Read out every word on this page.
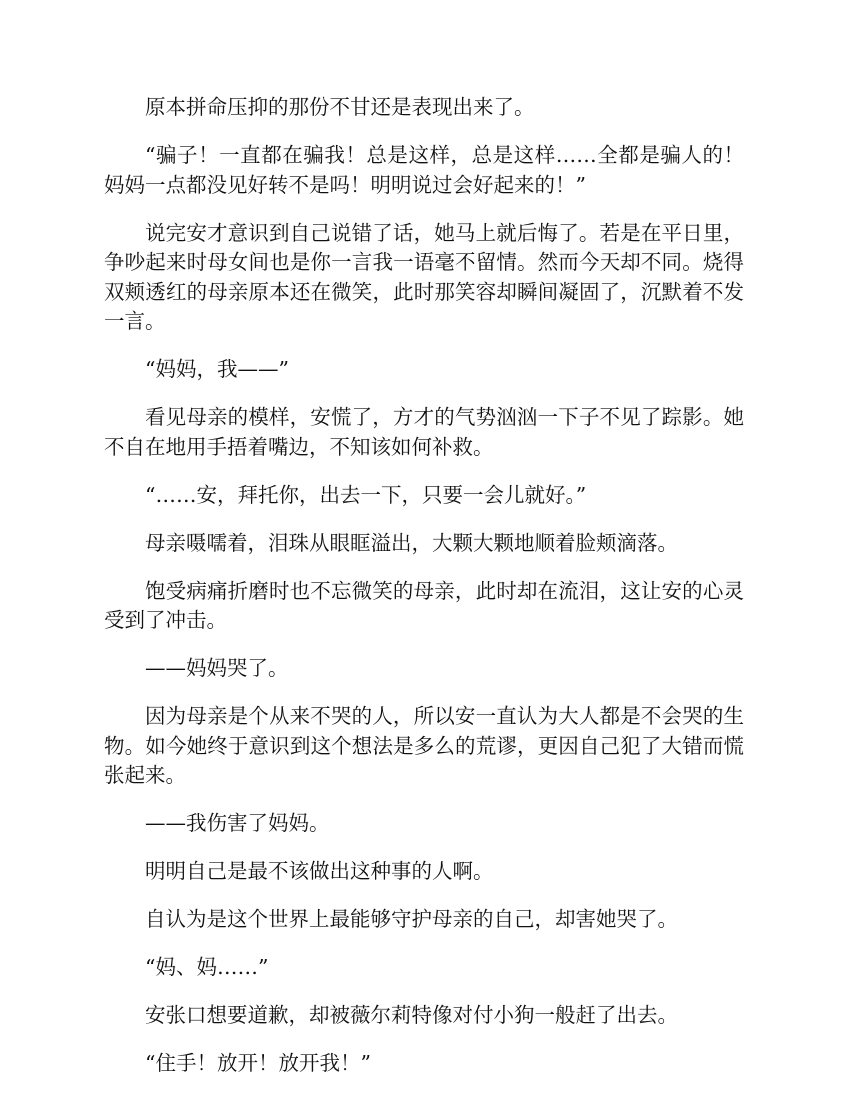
原本拼命压抑的那份不甘还是表现出来了。

“骗子！一直都在骗我！总是这样，总是这样……全都是骗人的！妈妈一点都没见好转不是吗！明明说过会好起来的！”

说完安才意识到自己说错了话，她马上就后悔了。若是在平日里，争吵起来时母女间也是你一言我一语毫不留情。然而今天却不同。烧得双颊透红的母亲原本还在微笑，此时那笑容却瞬间凝固了，沉默着不发一言。

“妈妈，我——”

看见母亲的模样，安慌了，方才的气势汹汹一下子不见了踪影。她不自在地用手捂着嘴边，不知该如何补救。

“……安，拜托你，出去一下，只要一会儿就好。”

母亲嗫嚅着，泪珠从眼眶溢出，大颗大颗地顺着脸颊滴落。

饱受病痛折磨时也不忘微笑的母亲，此时却在流泪，这让安的心灵受到了冲击。

——妈妈哭了。

因为母亲是个从来不哭的人，所以安一直认为大人都是不会哭的生物。如今她终于意识到这个想法是多么的荒谬，更因自己犯了大错而慌张起来。

——我伤害了妈妈。

明明自己是最不该做出这种事的人啊。

自认为是这个世界上最能够守护母亲的自己，却害她哭了。

“妈、妈……”

安张口想要道歉，却被薇尔莉特像对付小狗一般赶了出去。

“住手！放开！放开我！”
